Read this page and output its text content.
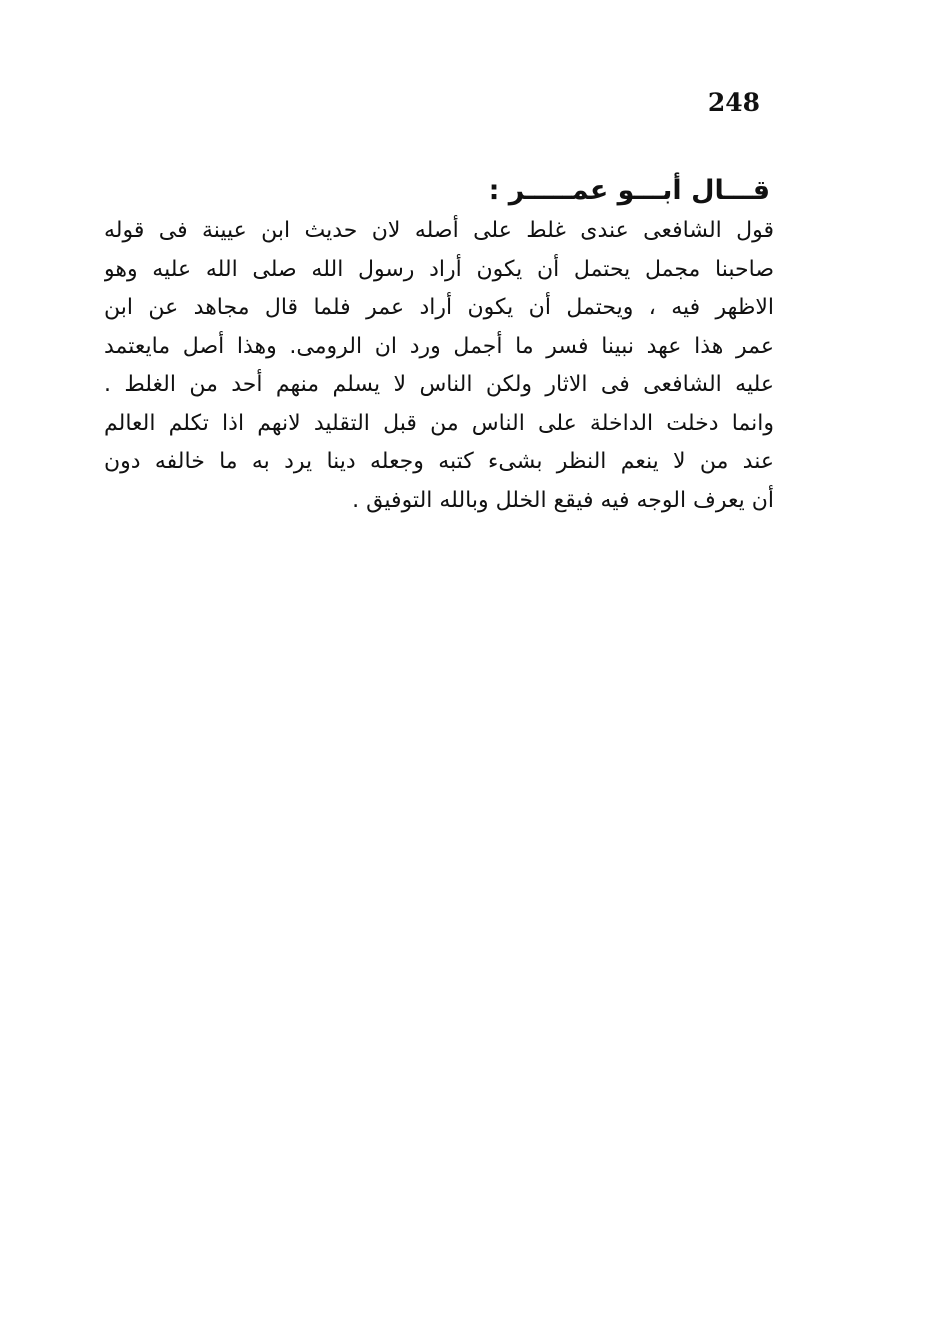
248
قـــال أبـــو عمـــــر :
قول الشافعى عندى غلط على أصله لان حديث ابن عيينة فى قوله
صاحبنا مجمل يحتمل أن يكون أراد رسول الله صلى الله عليه وهو
الاظهر فيه ، ويحتمل أن يكون أراد عمر فلما قال مجاهد عن ابن
عمر هذا عهد نبينا فسر ما أجمل ورد ان الرومى. وهذا أصل مايعتمد
عليه الشافعى فى الاثار ولكن الناس لا يسلم منهم أحد من الغلط .
وانما دخلت الداخلة على الناس من قبل التقليد لانهم اذا تكلم العالم
عند من لا ينعم النظر بشىء كتبه وجعله دينا يرد به ما خالفه دون
أن يعرف الوجه فيه فيقع الخلل وبالله التوفيق .
